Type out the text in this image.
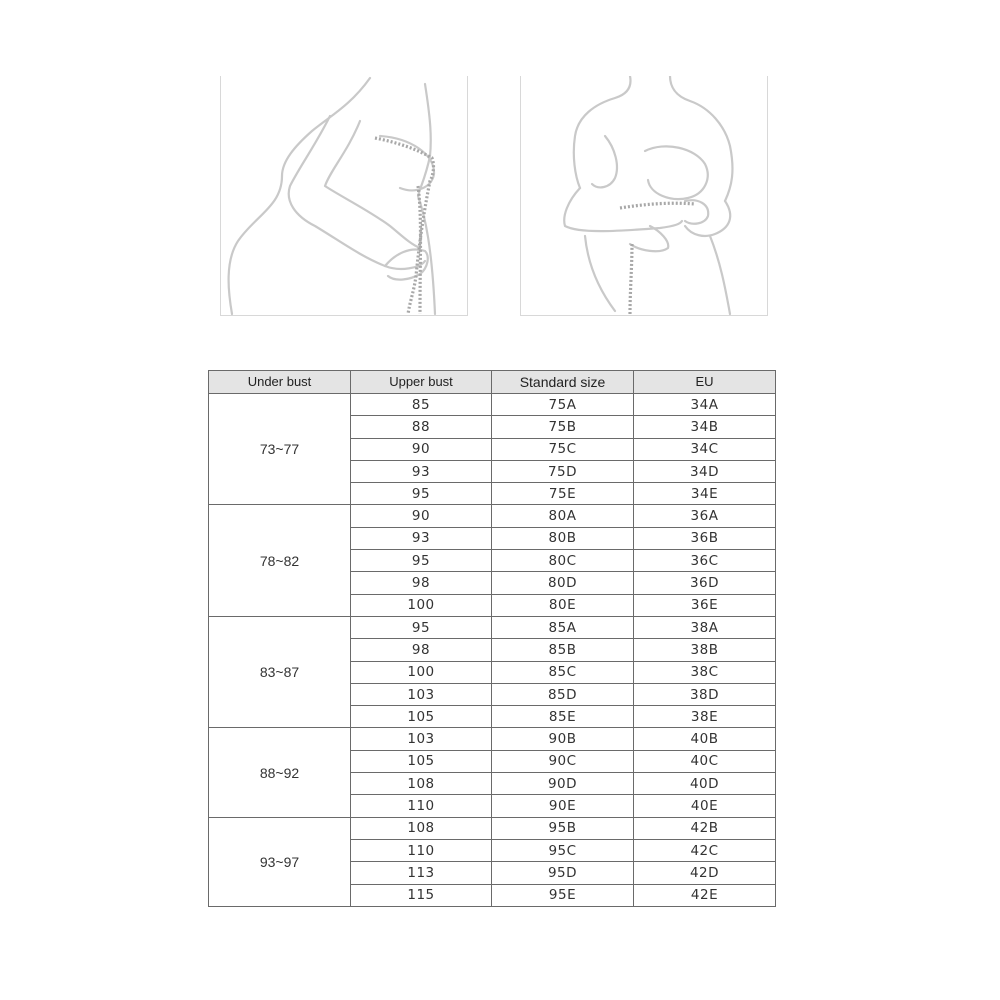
Under bust	Upper bust	Standard size	EU
73~77	85	75A	34A
	88	75B	34B
	90	75C	34C
	93	75D	34D
	95	75E	34E
78~82	90	80A	36A
	93	80B	36B
	95	80C	36C
	98	80D	36D
	100	80E	36E
83~87	95	85A	38A
	98	85B	38B
	100	85C	38C
	103	85D	38D
	105	85E	38E
88~92	103	90B	40B
	105	90C	40C
	108	90D	40D
	110	90E	40E
93~97	108	95B	42B
	110	95C	42C
	113	95D	42D
	115	95E	42E
